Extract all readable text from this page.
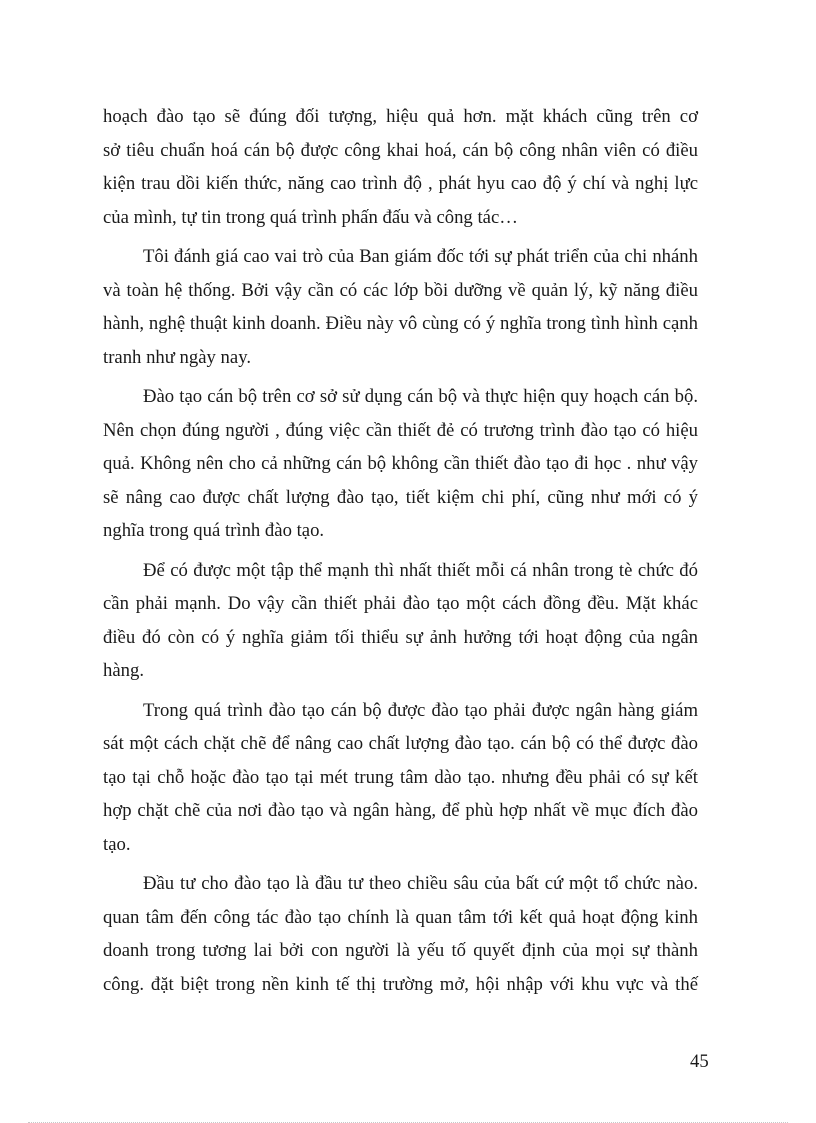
hoạch đào tạo sẽ đúng đối tượng, hiệu quả hơn. mặt khách cũng trên cơ
sở tiêu chuẩn hoá cán bộ được công khai hoá, cán bộ công nhân viên có điều
kiện trau dồi kiến thức, năng cao trình độ , phát hyu cao độ ý chí và nghị lực
của mình, tự tin trong quá trình phấn đấu và công tác…

Tôi đánh giá cao vai trò của Ban giám đốc tới sự phát triển của chi nhánh
và toàn hệ thống. Bởi vậy cần có các lớp bồi dưỡng về quản lý, kỹ năng điều
hành, nghệ thuật kinh doanh. Điều này vô cùng có ý nghĩa trong tình hình cạnh
tranh như ngày nay.

Đào tạo cán bộ trên cơ sở sử dụng cán bộ và thực hiện quy hoạch cán bộ.
Nên chọn đúng người , đúng việc cần thiết đẻ có trương trình đào tạo có hiệu
quả. Không nên cho cả những cán bộ không cần thiết đào tạo đi học . như vậy
sẽ nâng cao được chất lượng đào tạo, tiết kiệm chi phí, cũng như mới có ý
nghĩa trong quá trình đào tạo.

Để có được một tập thể mạnh thì nhất thiết mỗi cá nhân trong tè chức đó
cần phải mạnh. Do vậy cần thiết phải đào tạo một cách đồng đều. Mặt khác
điều đó còn có ý nghĩa giảm tối thiểu sự ảnh hưởng tới hoạt động của ngân
hàng.

Trong quá trình đào tạo cán bộ được đào tạo phải được ngân hàng giám
sát một cách chặt chẽ để nâng cao chất lượng đào tạo. cán bộ có thể được đào
tạo tại chỗ hoặc đào tạo tại mét trung tâm dào tạo. nhưng đều phải có sự kết
hợp chặt chẽ của nơi đào tạo và ngân hàng, để phù hợp nhất về mục đích đào
tạo.

Đầu tư cho đào tạo là đầu tư theo chiều sâu của bất cứ một tổ chức nào.
quan tâm đến công tác đào tạo chính là quan tâm tới kết quả hoạt động kinh
doanh trong tương lai bởi con người là yếu tố quyết định của mọi sự thành
công. đặt biệt trong nền kinh tế thị trường mở, hội nhập với khu vực và thế

45
